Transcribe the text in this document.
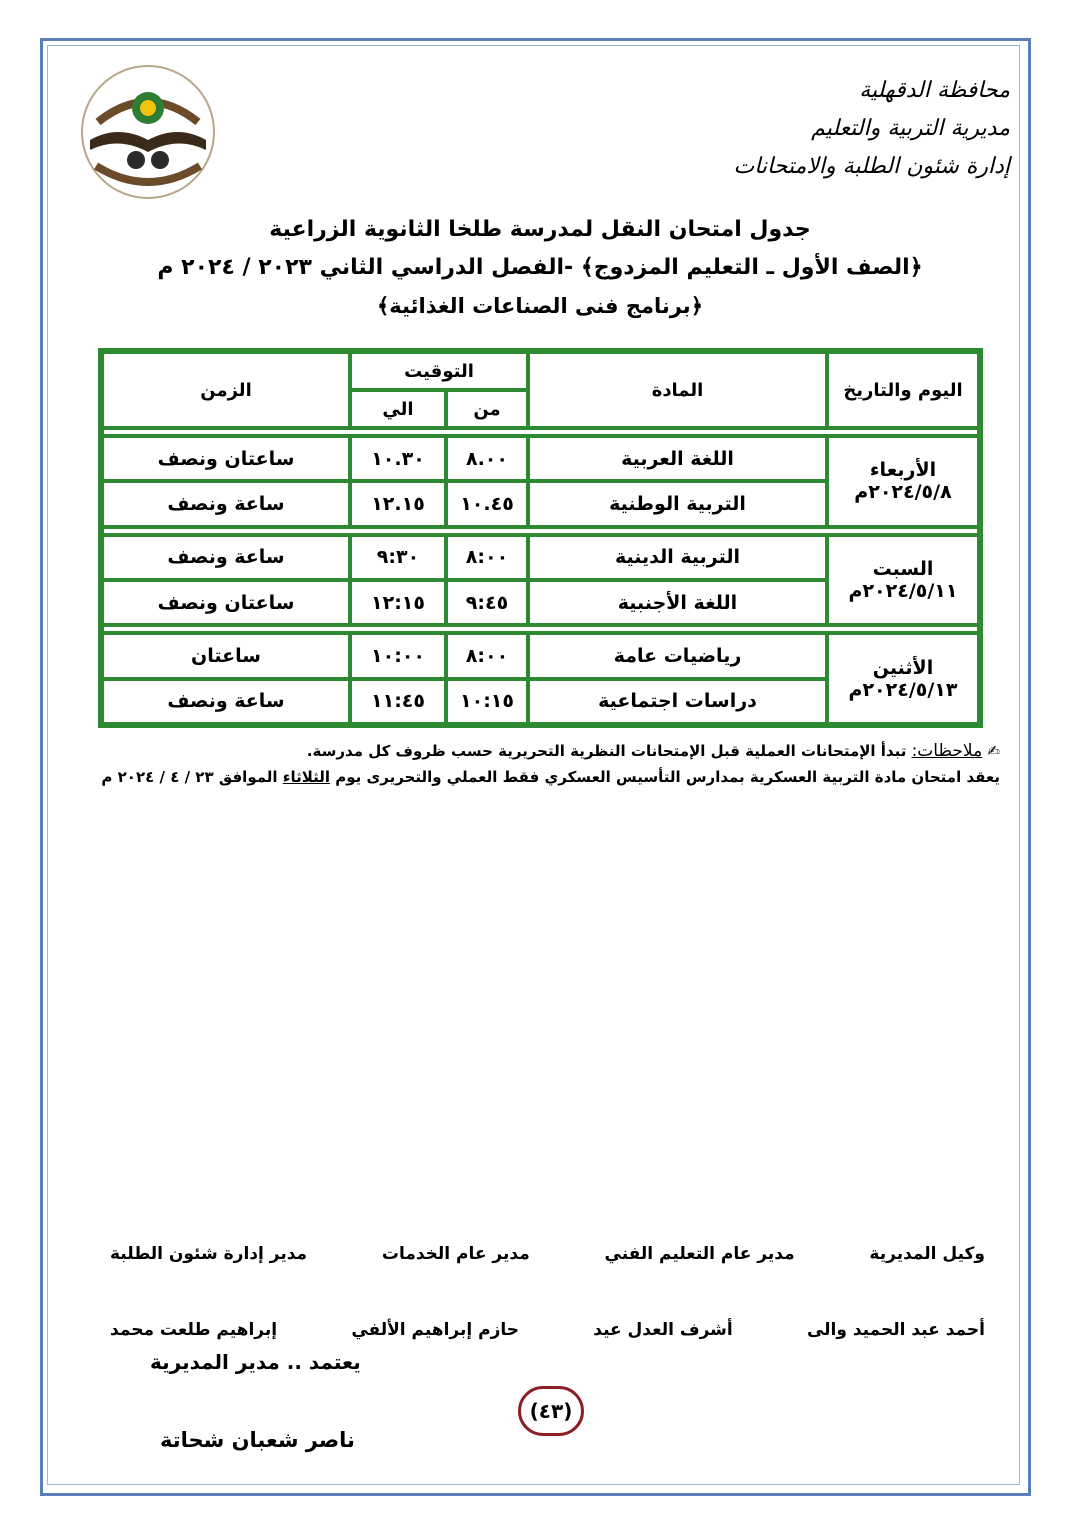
محافظة الدقهلية
مديرية التربية والتعليم
إدارة شئون الطلبة والامتحانات
جدول امتحان النقل لمدرسة طلخا الثانوية الزراعية
﴿الصف الأول ـ التعليم المزدوج﴾ -الفصل الدراسي الثاني ٢٠٢٣ / ٢٠٢٤ م
﴿برنامج فنى الصناعات الغذائية﴾
اليوم والتاريخ	المادة	التوقيت		الزمن
		من	الي	

الأربعاء
٢٠٢٤/٥/٨م	اللغة العربية	٨.٠٠	١٠.٣٠	ساعتان ونصف
	التربية الوطنية	١٠.٤٥	١٢.١٥	ساعة ونصف

السبت
٢٠٢٤/٥/١١م	التربية الدينية	٨:٠٠	٩:٣٠	ساعة ونصف
	اللغة الأجنبية	٩:٤٥	١٢:١٥	ساعتان ونصف

الأثنين
٢٠٢٤/٥/١٣م	رياضيات عامة	٨:٠٠	١٠:٠٠	ساعتان
	دراسات اجتماعية	١٠:١٥	١١:٤٥	ساعة ونصف
✍ ملاحظات: تبدأ الإمتحانات العملية قبل الإمتحانات النظرية التحريرية حسب ظروف كل مدرسة.
يعقد امتحان مادة التربية العسكرية بمدارس التأسيس العسكري فقط العملي والتحريرى يوم الثلاثاء الموافق ٢٣ / ٤ / ٢٠٢٤ م
مدير إدارة شئون الطلبة	مدير عام الخدمات	مدير عام التعليم الفني	وكيل المديرية
إبراهيم طلعت محمد	حازم إبراهيم الألفي	أشرف العدل عيد	أحمد عبد الحميد والى
يعتمد .. مدير المديرية
(٤٣)
ناصر شعبان شحاتة
